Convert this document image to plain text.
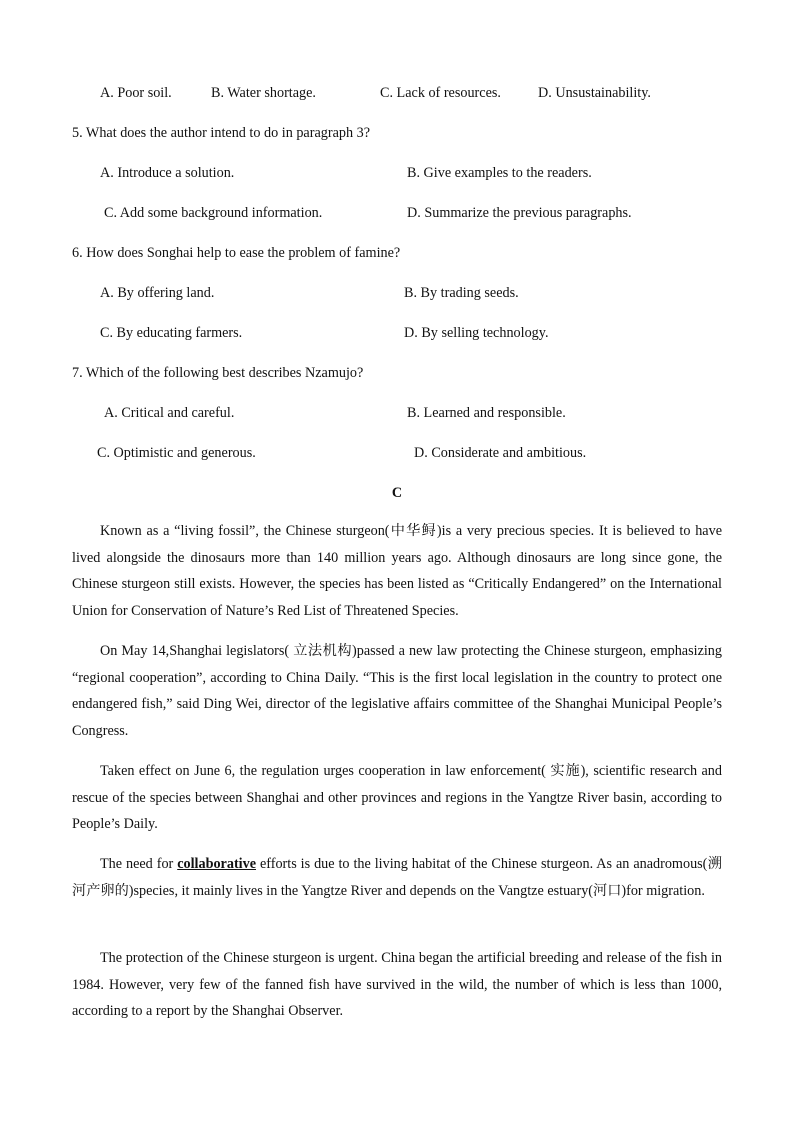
A. Poor soil.	B. Water shortage.	C. Lack of resources.	D. Unsustainability.
5. What does the author intend to do in paragraph 3?
A. Introduce a solution.	B. Give examples to the readers.
C. Add some background information.	D. Summarize the previous paragraphs.
6. How does Songhai help to ease the problem of famine?
A. By offering land.	B. By trading seeds.
C. By educating farmers.	D. By selling technology.
7. Which of the following best describes Nzamujo?
A. Critical and careful.	B. Learned and responsible.
C. Optimistic and generous.	D. Considerate and ambitious.
C
Known as a “living fossil”, the Chinese sturgeon(中华鲟)is a very precious species. It is believed to have lived alongside the dinosaurs more than 140 million years ago. Although dinosaurs are long since gone, the Chinese sturgeon still exists. However, the species has been listed as “Critically Endangered” on the International Union for Conservation of Nature’s Red List of Threatened Species.
On May 14,Shanghai legislators( 立法机构)passed a new law protecting the Chinese sturgeon, emphasizing “regional cooperation”, according to China Daily. “This is the first local legislation in the country to protect one endangered fish,” said Ding Wei, director of the legislative affairs committee of the Shanghai Municipal People’s Congress.
Taken effect on June 6, the regulation urges cooperation in law enforcement( 实施), scientific research and rescue of the species between Shanghai and other provinces and regions in the Yangtze River basin, according to People’s Daily.
The need for collaborative efforts is due to the living habitat of the Chinese sturgeon. As an anadromous(溯河产卵的)species, it mainly lives in the Yangtze River and depends on the Vangtze estuary(河口)for migration.
The protection of the Chinese sturgeon is urgent. China began the artificial breeding and release of the fish in 1984. However, very few of the fanned fish have survived in the wild, the number of which is less than 1000, according to a report by the Shanghai Observer.
